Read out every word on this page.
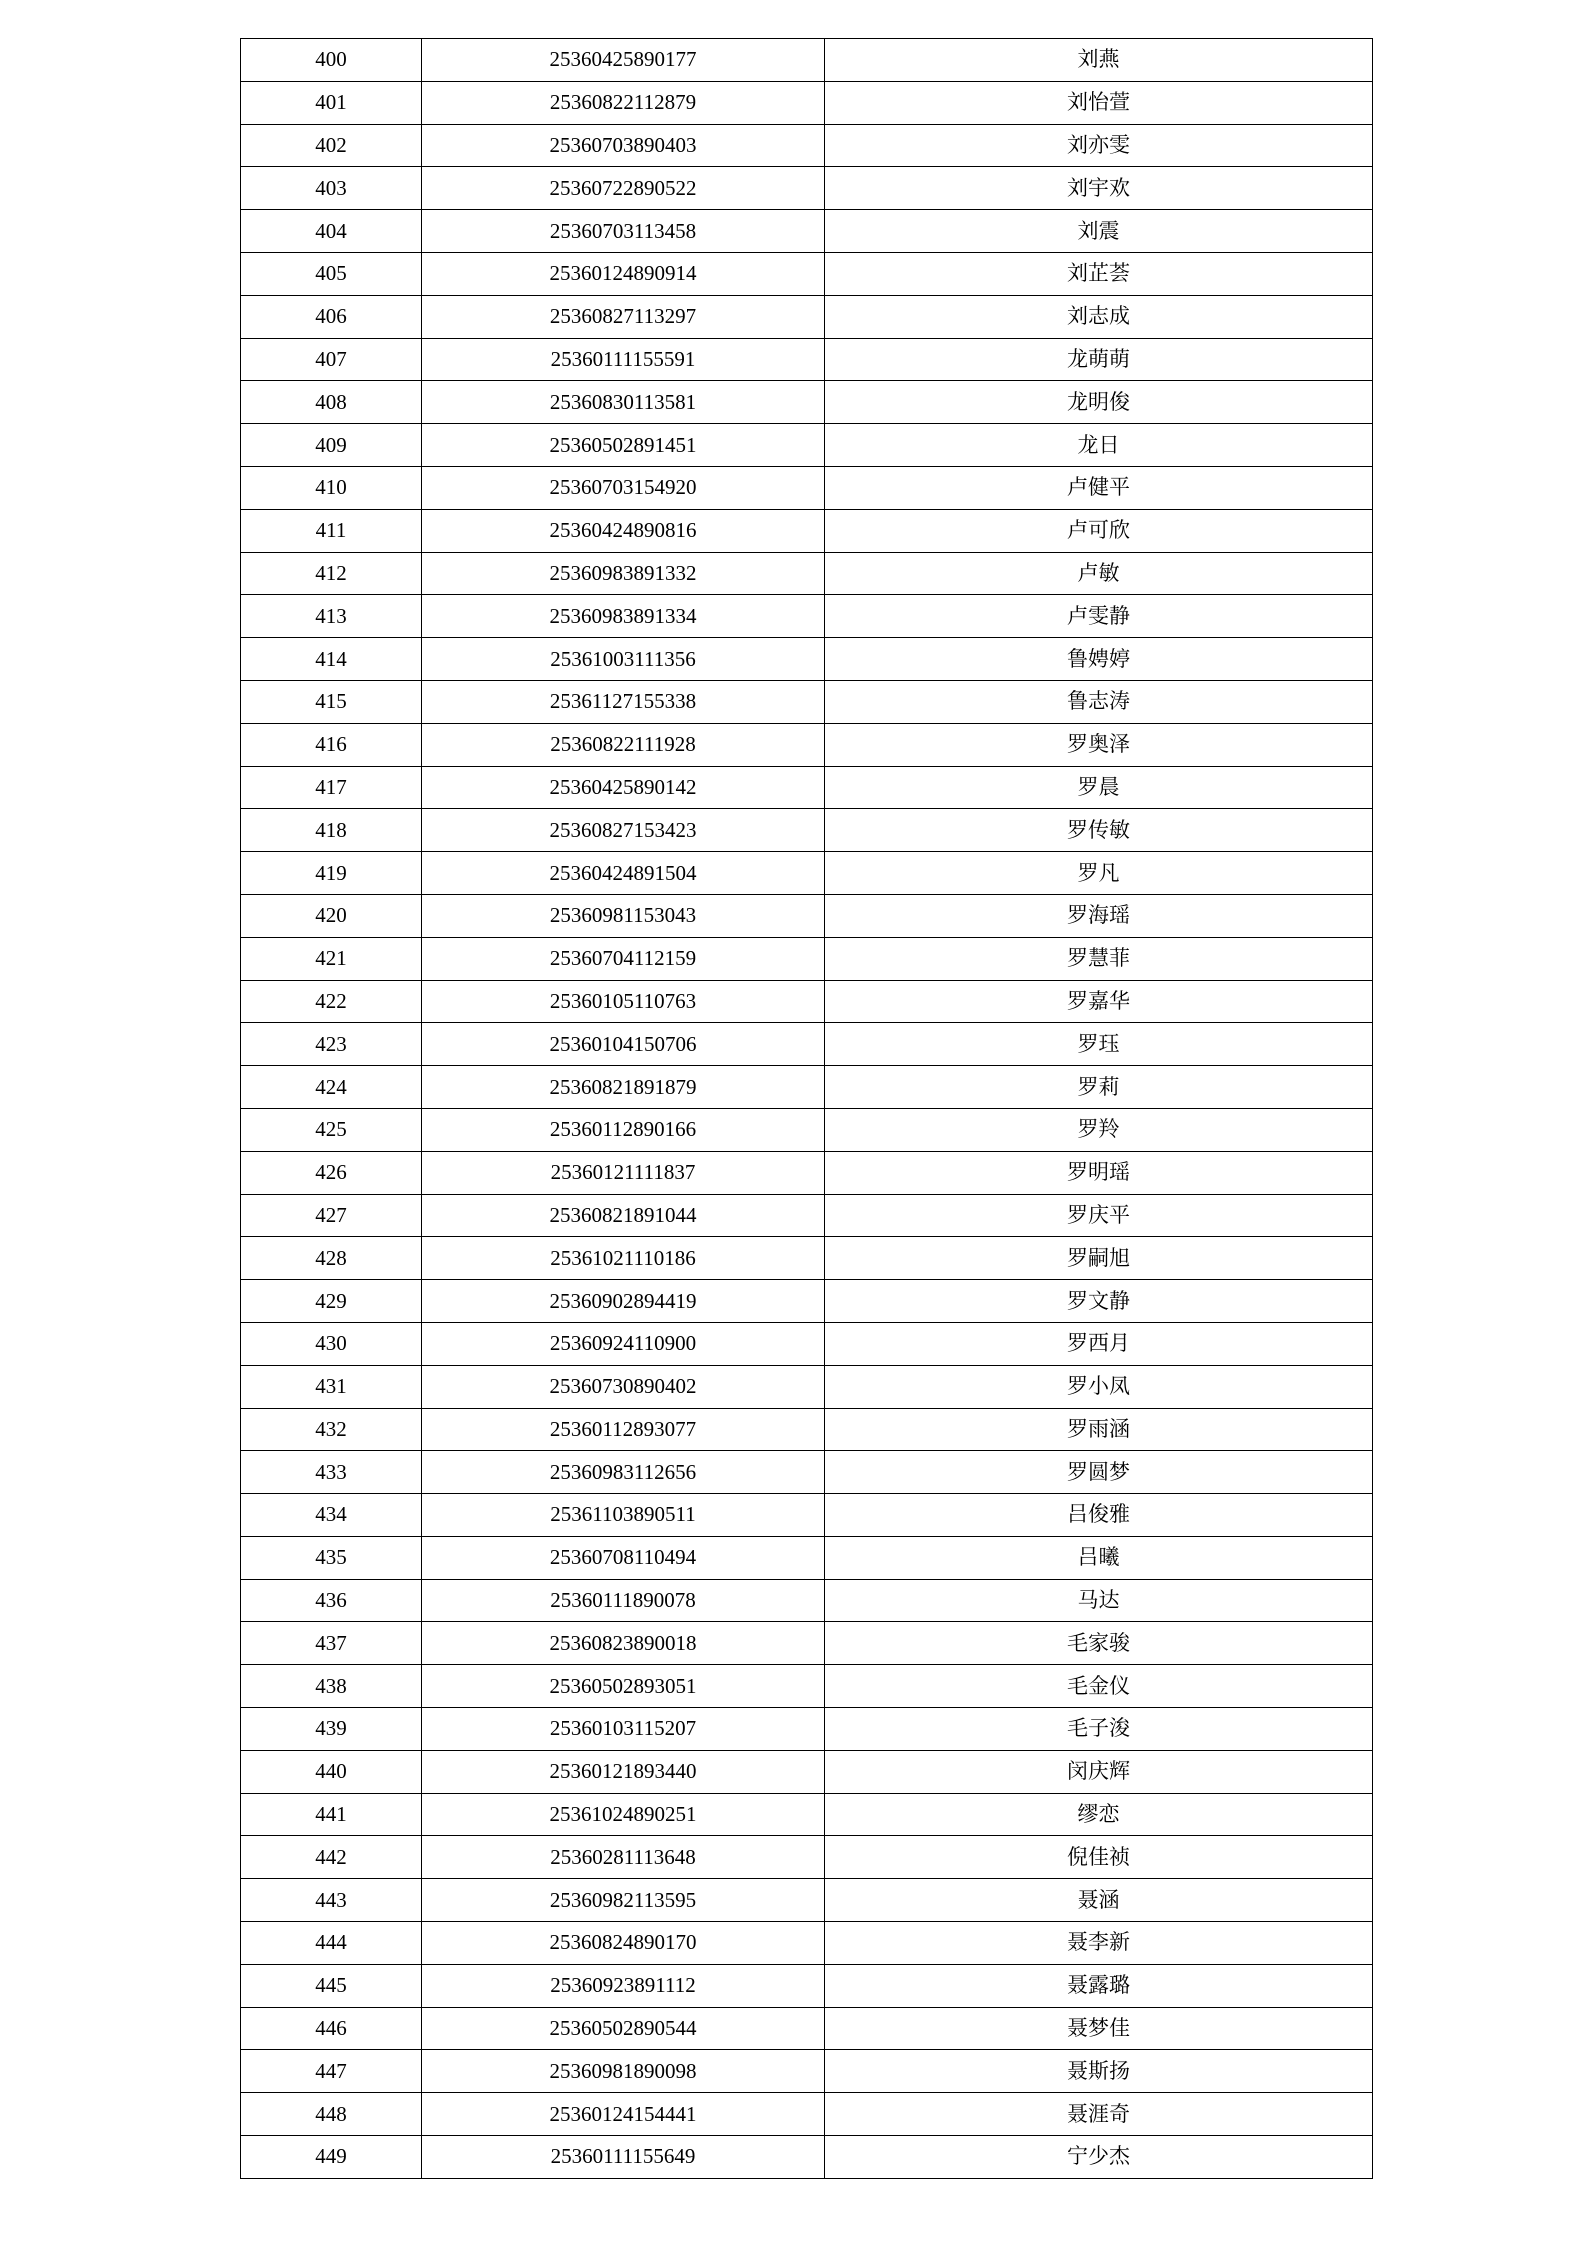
400	25360425890177	刘燕
401	25360822112879	刘怡萱
402	25360703890403	刘亦雯
403	25360722890522	刘宇欢
404	25360703113458	刘震
405	25360124890914	刘芷荟
406	25360827113297	刘志成
407	25360111155591	龙萌萌
408	25360830113581	龙明俊
409	25360502891451	龙日
410	25360703154920	卢健平
411	25360424890816	卢可欣
412	25360983891332	卢敏
413	25360983891334	卢雯静
414	25361003111356	鲁娉婷
415	25361127155338	鲁志涛
416	25360822111928	罗奥泽
417	25360425890142	罗晨
418	25360827153423	罗传敏
419	25360424891504	罗凡
420	25360981153043	罗海瑶
421	25360704112159	罗慧菲
422	25360105110763	罗嘉华
423	25360104150706	罗珏
424	25360821891879	罗莉
425	25360112890166	罗羚
426	25360121111837	罗明瑶
427	25360821891044	罗庆平
428	25361021110186	罗嗣旭
429	25360902894419	罗文静
430	25360924110900	罗西月
431	25360730890402	罗小凤
432	25360112893077	罗雨涵
433	25360983112656	罗圆梦
434	25361103890511	吕俊雅
435	25360708110494	吕曦
436	25360111890078	马达
437	25360823890018	毛家骏
438	25360502893051	毛金仪
439	25360103115207	毛子浚
440	25360121893440	闵庆辉
441	25361024890251	缪恋
442	25360281113648	倪佳祯
443	25360982113595	聂涵
444	25360824890170	聂李新
445	25360923891112	聂露璐
446	25360502890544	聂梦佳
447	25360981890098	聂斯扬
448	25360124154441	聂涯奇
449	25360111155649	宁少杰
